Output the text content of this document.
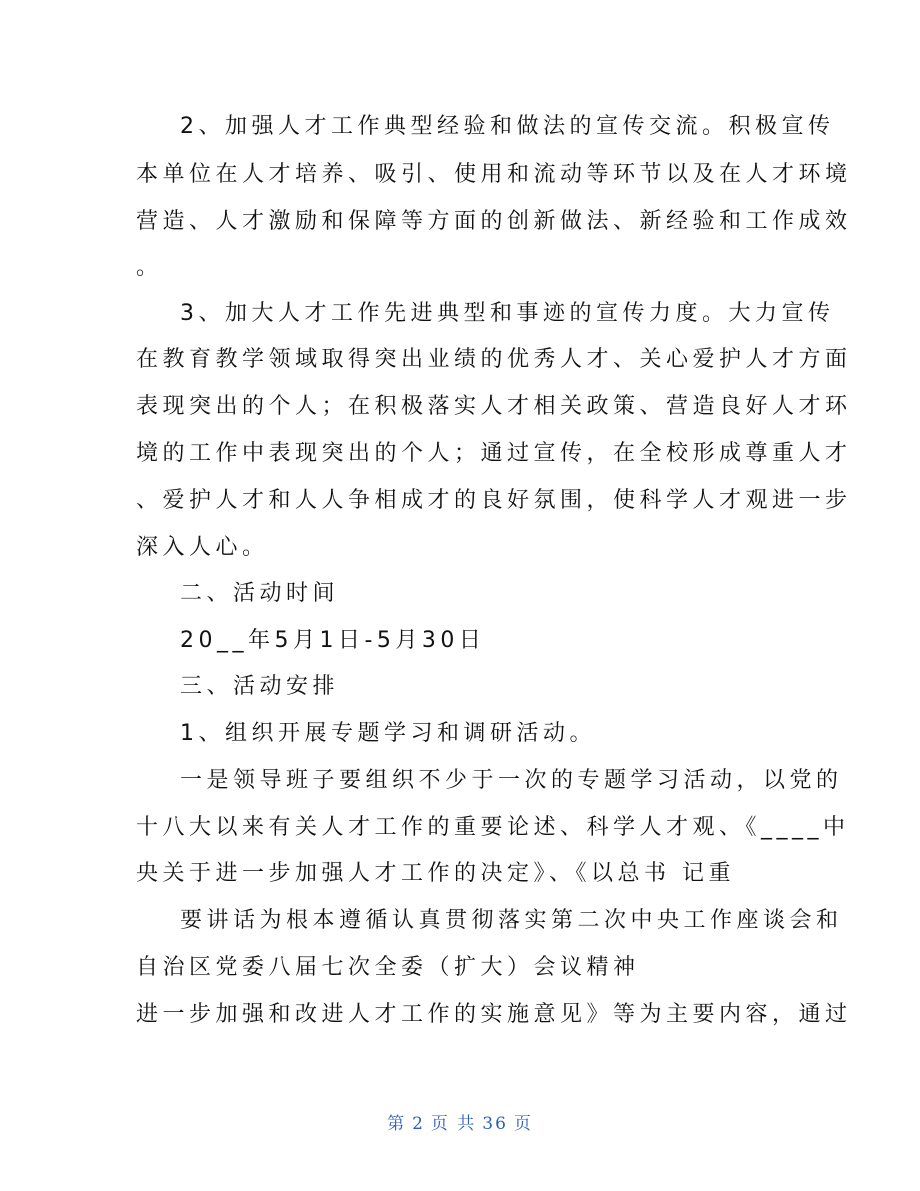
2、加强人才工作典型经验和做法的宣传交流。积极宣传
本单位在人才培养、吸引、使用和流动等环节以及在人才环境
营造、人才激励和保障等方面的创新做法、新经验和工作成效
。
3、加大人才工作先进典型和事迹的宣传力度。大力宣传
在教育教学领域取得突出业绩的优秀人才、关心爱护人才方面
表现突出的个人；在积极落实人才相关政策、营造良好人才环
境的工作中表现突出的个人；通过宣传，在全校形成尊重人才
、爱护人才和人人争相成才的良好氛围，使科学人才观进一步
深入人心。
二、活动时间
20__年5月1日-5月30日
三、活动安排
1、组织开展专题学习和调研活动。
一是领导班子要组织不少于一次的专题学习活动，以党的
十八大以来有关人才工作的重要论述、科学人才观、《____中
央关于进一步加强人才工作的决定》、《以总书 记重
要讲话为根本遵循认真贯彻落实第二次中央工作座谈会和
自治区党委八届七次全委（扩大）会议精神
进一步加强和改进人才工作的实施意见》等为主要内容，通过
第 2 页 共 36 页
